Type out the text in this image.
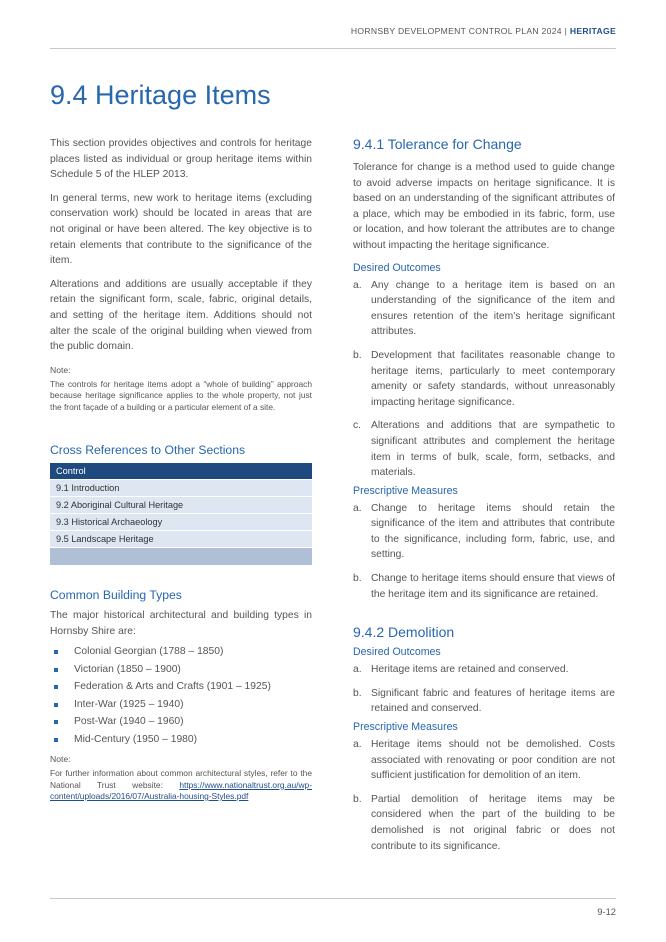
HORNSBY DEVELOPMENT CONTROL PLAN 2024 | HERITAGE
9.4 Heritage Items

This section provides objectives and controls for heritage places listed as individual or group heritage items within Schedule 5 of the HLEP 2013.

In general terms, new work to heritage items (excluding conservation work) should be located in areas that are not original or have been altered. The key objective is to retain elements that contribute to the significance of the item.

Alterations and additions are usually acceptable if they retain the significant form, scale, fabric, original details, and setting of the heritage item. Additions should not alter the scale of the original building when viewed from the public domain.

Note:

The controls for heritage items adopt a “whole of building” approach because heritage significance applies to the whole property, not just the front façade of a building or a particular element of a site.

Cross References to Other Sections
Control
9.1 Introduction
9.2 Aboriginal Cultural Heritage
9.3 Historical Archaeology
9.5 Landscape Heritage

Common Building Types

The major historical architectural and building types in Hornsby Shire are:

Colonial Georgian (1788 – 1850)
Victorian (1850 – 1900)
Federation & Arts and Crafts (1901 – 1925)
Inter-War (1925 – 1940)
Post-War (1940 – 1960)
Mid-Century (1950 – 1980)
Note:

For further information about common architectural styles, refer to the National Trust website: https://www.nationaltrust.org.au/wp-content/uploads/2016/07/Australia-housing-Styles.pdf

9.4.1 Tolerance for Change

Tolerance for change is a method used to guide change to avoid adverse impacts on heritage significance. It is based on an understanding of the significant attributes of a place, which may be embodied in its fabric, form, use or location, and how tolerant the attributes are to change without impacting the heritage significance.

Desired Outcomes
a. Any change to a heritage item is based on an understanding of the significance of the item and ensures retention of the item’s heritage significant attributes.
b. Development that facilitates reasonable change to heritage items, particularly to meet contemporary amenity or safety standards, without unreasonably impacting heritage significance.
c. Alterations and additions that are sympathetic to significant attributes and complement the heritage item in terms of bulk, scale, form, setbacks, and materials.
Prescriptive Measures
a. Change to heritage items should retain the significance of the item and attributes that contribute to the significance, including form, fabric, use, and setting.
b. Change to heritage items should ensure that views of the heritage item and its significance are retained.
9.4.2 Demolition
Desired Outcomes
a. Heritage items are retained and conserved.
b. Significant fabric and features of heritage items are retained and conserved.
Prescriptive Measures
a. Heritage items should not be demolished. Costs associated with renovating or poor condition are not sufficient justification for demolition of an item.
b. Partial demolition of heritage items may be considered when the part of the building to be demolished is not original fabric or does not contribute to its significance.
9-12
